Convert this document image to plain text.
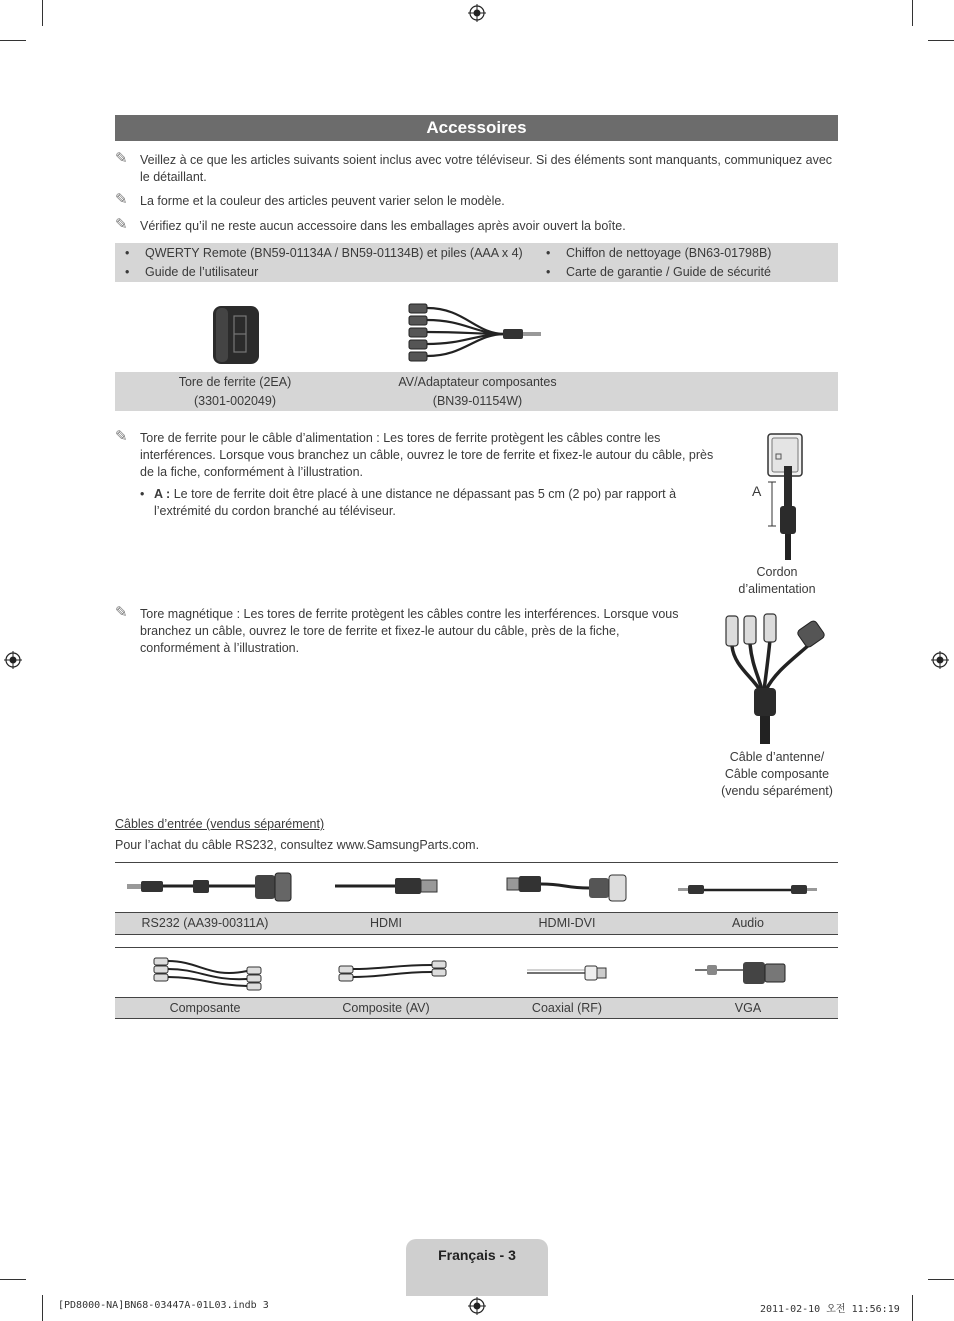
Accessoires
✎ Veillez à ce que les articles suivants soient inclus avec votre téléviseur. Si des éléments sont manquants, communiquez avec le détaillant.
✎ La forme et la couleur des articles peuvent varier selon le modèle.
✎ Vérifiez qu’il ne reste aucun accessoire dans les emballages après avoir ouvert la boîte.
• QWERTY Remote (BN59-01134A / BN59-01134B) et piles (AAA x 4)
• Guide de l’utilisateur
• Chiffon de nettoyage (BN63-01798B)
• Carte de garantie / Guide de sécurité
Tore de ferrite (2EA)
(3301-002049)
AV/Adaptateur composantes
(BN39-01154W)
✎ Tore de ferrite pour le câble d’alimentation : Les tores de ferrite protègent les câbles contre les interférences. Lorsque vous branchez un câble, ouvrez le tore de ferrite et fixez-le autour du câble, près de la fiche, conformément à l’illustration.
• A : Le tore de ferrite doit être placé à une distance ne dépassant pas 5 cm (2 po) par rapport à l’extrémité du cordon branché au téléviseur.
A
Cordon
d’alimentation
✎ Tore magnétique : Les tores de ferrite protègent les câbles contre les interférences. Lorsque vous branchez un câble, ouvrez le tore de ferrite et fixez-le autour du câble, près de la fiche, conformément à l’illustration.
Câble d’antenne/
Câble composante
(vendu séparément)
Câbles d’entrée (vendus séparément)
Pour l’achat du câble RS232, consultez www.SamsungParts.com.
RS232 (AA39-00311A)	HDMI	HDMI-DVI	Audio
Composante	Composite (AV)	Coaxial (RF)	VGA
Français - 3
[PD8000-NA]BN68-03447A-01L03.indb 3	2011-02-10 오전 11:56:19
